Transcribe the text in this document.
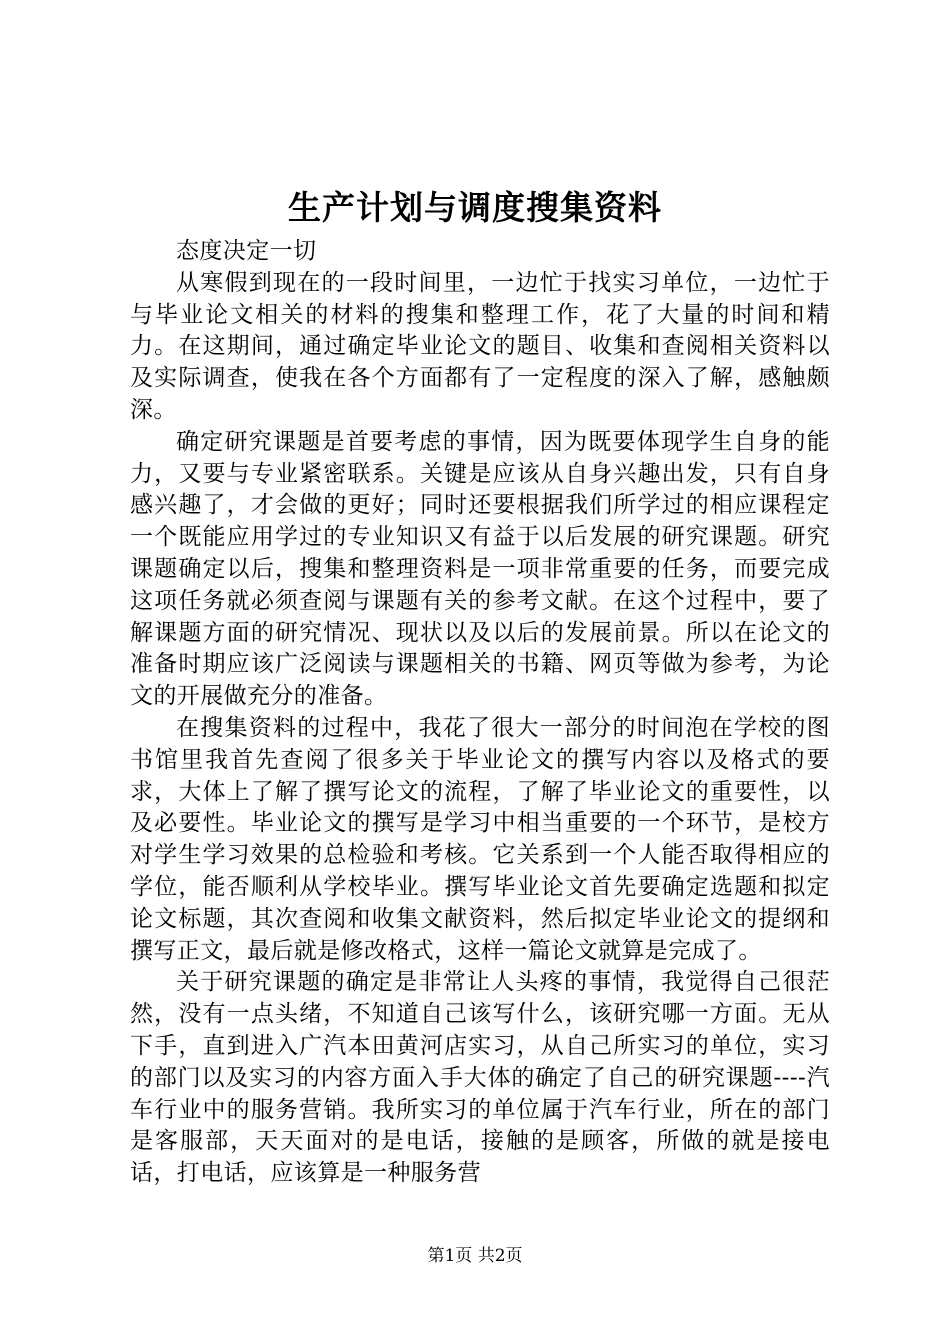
生产计划与调度搜集资料

态度决定一切

从寒假到现在的一段时间里，一边忙于找实习单位，一边忙于与毕业论文相关的材料的搜集和整理工作，花了大量的时间和精力。在这期间，通过确定毕业论文的题目、收集和查阅相关资料以及实际调查，使我在各个方面都有了一定程度的深入了解，感触颇深。

确定研究课题是首要考虑的事情，因为既要体现学生自身的能力，又要与专业紧密联系。关键是应该从自身兴趣出发，只有自身感兴趣了，才会做的更好；同时还要根据我们所学过的相应课程定一个既能应用学过的专业知识又有益于以后发展的研究课题。研究课题确定以后，搜集和整理资料是一项非常重要的任务，而要完成这项任务就必须查阅与课题有关的参考文献。在这个过程中，要了解课题方面的研究情况、现状以及以后的发展前景。所以在论文的准备时期应该广泛阅读与课题相关的书籍、网页等做为参考，为论文的开展做充分的准备。

在搜集资料的过程中，我花了很大一部分的时间泡在学校的图书馆里我首先查阅了很多关于毕业论文的撰写内容以及格式的要求，大体上了解了撰写论文的流程，了解了毕业论文的重要性，以及必要性。毕业论文的撰写是学习中相当重要的一个环节，是校方对学生学习效果的总检验和考核。它关系到一个人能否取得相应的学位，能否顺利从学校毕业。撰写毕业论文首先要确定选题和拟定论文标题，其次查阅和收集文献资料，然后拟定毕业论文的提纲和撰写正文，最后就是修改格式，这样一篇论文就算是完成了。

关于研究课题的确定是非常让人头疼的事情，我觉得自己很茫然，没有一点头绪，不知道自己该写什么，该研究哪一方面。无从下手，直到进入广汽本田黄河店实习，从自己所实习的单位，实习的部门以及实习的内容方面入手大体的确定了自己的研究课题----汽车行业中的服务营销。我所实习的单位属于汽车行业，所在的部门是客服部，天天面对的是电话，接触的是顾客，所做的就是接电话，打电话，应该算是一种服务营

第1页 共2页
